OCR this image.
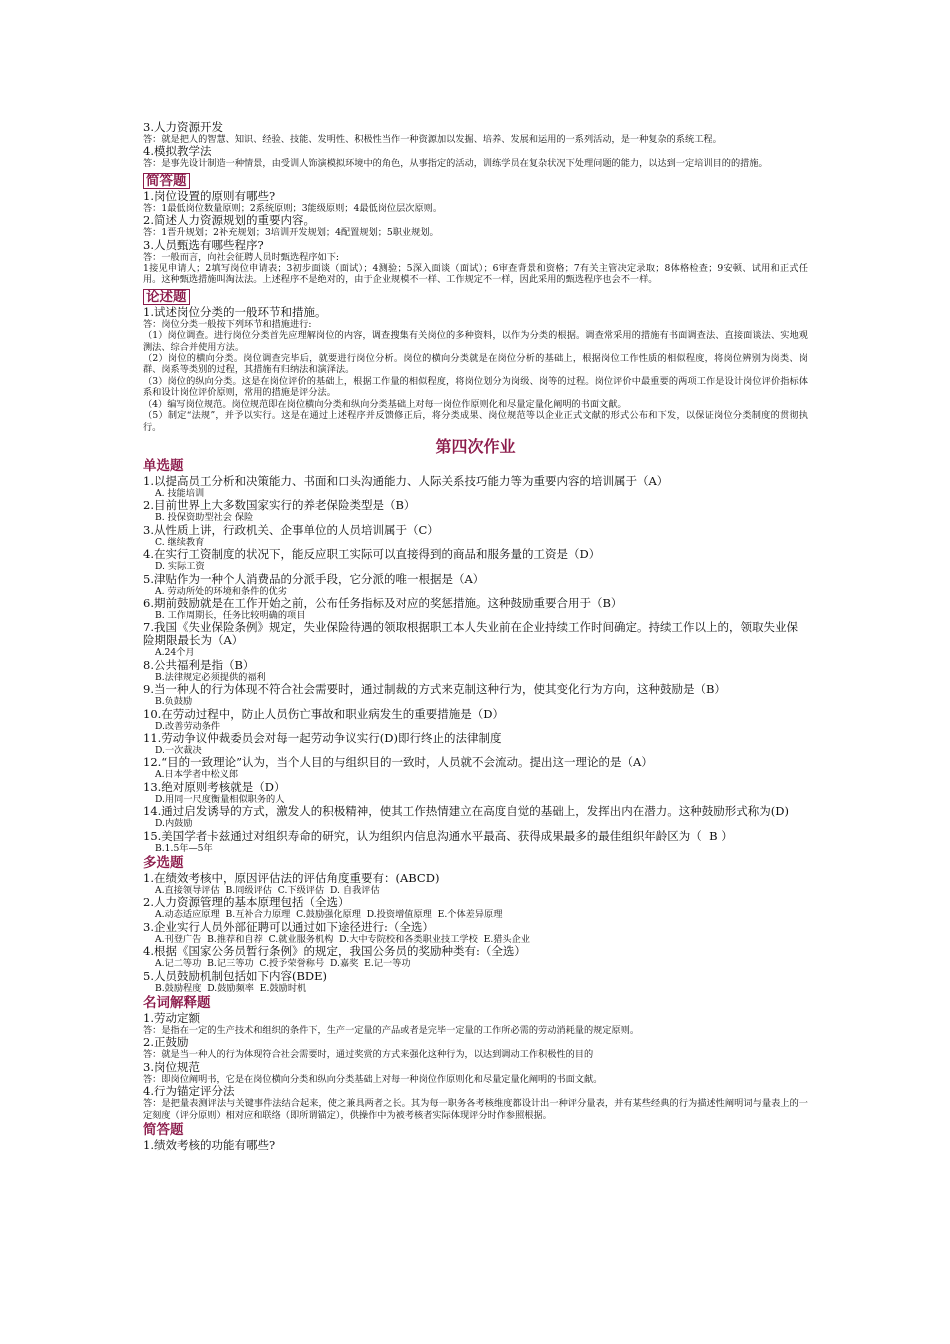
3.人力资源开发

答：就是把人的智慧、知识、经验、技能、发明性、积极性当作一种资源加以发掘、培养、发展和运用的一系列活动，是一种复杂的系统工程。

4.模拟教学法

答：是事先设计制造一种情景，由受训人饰演模拟环境中的角色，从事指定的活动，训练学员在复杂状况下处理问题的能力，以达到一定培训目的的措施。

简答题

1.岗位设置的原则有哪些?

答：1最低岗位数量原则；2系统原则；3能级原则；4最低岗位层次原则。

2.简述人力资源规划的重要内容。

答：1晋升规划；2补充规划；3培训开发规划；4配置规划；5职业规划。

3.人员甄选有哪些程序?

答：一般而言，向社会征聘人员时甄选程序如下:
1接见申请人；2填写岗位申请表；3初步面谈（面试）；4测验；5深入面谈（面试）；6审查背景和资格；7有关主管决定录取；8体格检查；9安顿、试用和正式任用。这种甄选措施叫淘汰法。上述程序不是绝对的，由于企业规模不一样、工作规定不一样，因此采用的甄选程序也会不一样。

论述题

1.试述岗位分类的一般环节和措施。

答：岗位分类一般按下列环节和措施进行:
（1）岗位调查。进行岗位分类首先应理解岗位的内容，调查搜集有关岗位的多种资料，以作为分类的根据。调查常采用的措施有书面调查法、直接面谈法、实地观测法、综合并使用方法。
（2）岗位的横向分类。岗位调查完毕后，就要进行岗位分析。岗位的横向分类就是在岗位分析的基础上，根据岗位工作性质的相似程度，将岗位辨别为岗类、岗群、岗系等类别的过程，其措施有归纳法和演泽法。
（3）岗位的纵向分类。这是在岗位评价的基础上，根据工作量的相似程度，将岗位划分为岗级、岗等的过程。岗位评价中最重要的两项工作是设计岗位评价指标体系和设计岗位评价原则，常用的措施是评分法。
（4）编写岗位规范。岗位规范即在岗位横向分类和纵向分类基础上对每一岗位作原则化和尽量定量化阐明的书面文献。
（5）制定“法规”，并予以实行。这是在通过上述程序并反馈修正后，将分类成果、岗位规范等以企业正式文献的形式公布和下发，以保证岗位分类制度的贯彻执行。

第四次作业
单选题

1.以提高员工分析和决策能力、书面和口头沟通能力、人际关系技巧能力等为重要内容的培训属于（A）

A. 技能培训

2.目前世界上大多数国家实行的养老保险类型是（B）

B. 投保资助型社会 保险

3.从性质上讲，行政机关、企事单位的人员培训属于（C）

C. 继续教育

4.在实行工资制度的状况下，能反应职工实际可以直接得到的商品和服务量的工资是（D）

D. 实际工资

5.津贴作为一种个人消费品的分派手段，它分派的唯一根据是（A）

A. 劳动所处的环境和条件的优劣

6.期前鼓励就是在工作开始之前，公布任务指标及对应的奖惩措施。这种鼓励重要合用于（B）

B. 工作周期长，任务比较明确的项目

7.我国《失业保险条例》规定，失业保险待遇的领取根据职工本人失业前在企业持续工作时间确定。持续工作以上的，领取失业保险期限最长为（A）

A.24个月

8.公共福利是指（B）

B.法律规定必须提供的福利

9.当一种人的行为体现不符合社会需要时，通过制裁的方式来克制这种行为，使其变化行为方向，这种鼓励是（B）

B.负鼓励

10.在劳动过程中，防止人员伤亡事故和职业病发生的重要措施是（D）

D.改善劳动条件

11.劳动争议仲裁委员会对每一起劳动争议实行(D)即行终止的法律制度

D.一次裁决

12.“目的一致理论”认为，当个人目的与组织目的一致时，人员就不会流动。提出这一理论的是（A）

A.日本学者中松义郎

13.绝对原则考核就是（D）

D.用同一尺度衡量相似职务的人

14.通过启发诱导的方式，激发人的积极精神，使其工作热情建立在高度自觉的基础上，发挥出内在潜力。这种鼓励形式称为(D)

D.内鼓励

15.美国学者卡兹通过对组织寿命的研究，认为组织内信息沟通水平最高、获得成果最多的最佳组织年龄区为（  B ）

B.1.5年—5年

多选题

1.在绩效考核中，原因评估法的评估角度重要有：(ABCD)

A.直接领导评估  B.同级评估  C.下级评估  D. 自我评估

2.人力资源管理的基本原理包括（全选）

A.动态适应原理  B.互补合力原理  C.鼓励强化原理  D.投资增值原理  E.个体差异原理

3.企业实行人员外部征聘可以通过如下途径进行:（全选）

A.刊登广告  B.推荐和自荐  C.就业服务机构  D.大中专院校和各类职业技工学校  E.猎头企业

4.根据《国家公务员暂行条例》的规定，我国公务员的奖励种类有:（全选）

A.记二等功  B.记三等功  C.授予荣誉称号  D.嘉奖  E.记一等功

5.人员鼓励机制包括如下内容(BDE)

B.鼓励程度  D.鼓励频率  E.鼓励时机

名词解释题

1.劳动定额

答：是指在一定的生产技术和组织的条件下，生产一定量的产品或者是完毕一定量的工作所必需的劳动消耗量的规定原则。

2.正鼓励

答：就是当一种人的行为体现符合社会需要时，通过奖赏的方式来强化这种行为，以达到调动工作积极性的目的

3.岗位规范

答：即岗位阐明书，它是在岗位横向分类和纵向分类基础上对每一种岗位作原则化和尽量定量化阐明的书面文献。

4.行为锚定评分法

答：是把量表测评法与关键事件法结合起来，使之兼具两者之长。其为每一职务各考核维度都设计出一种评分量表，并有某些经典的行为描述性阐明词与量表上的一定刻度（评分原则）相对应和联络（即所谓锚定），供操作中为被考核者实际体现评分时作参照根据。

简答题

1.绩效考核的功能有哪些?
